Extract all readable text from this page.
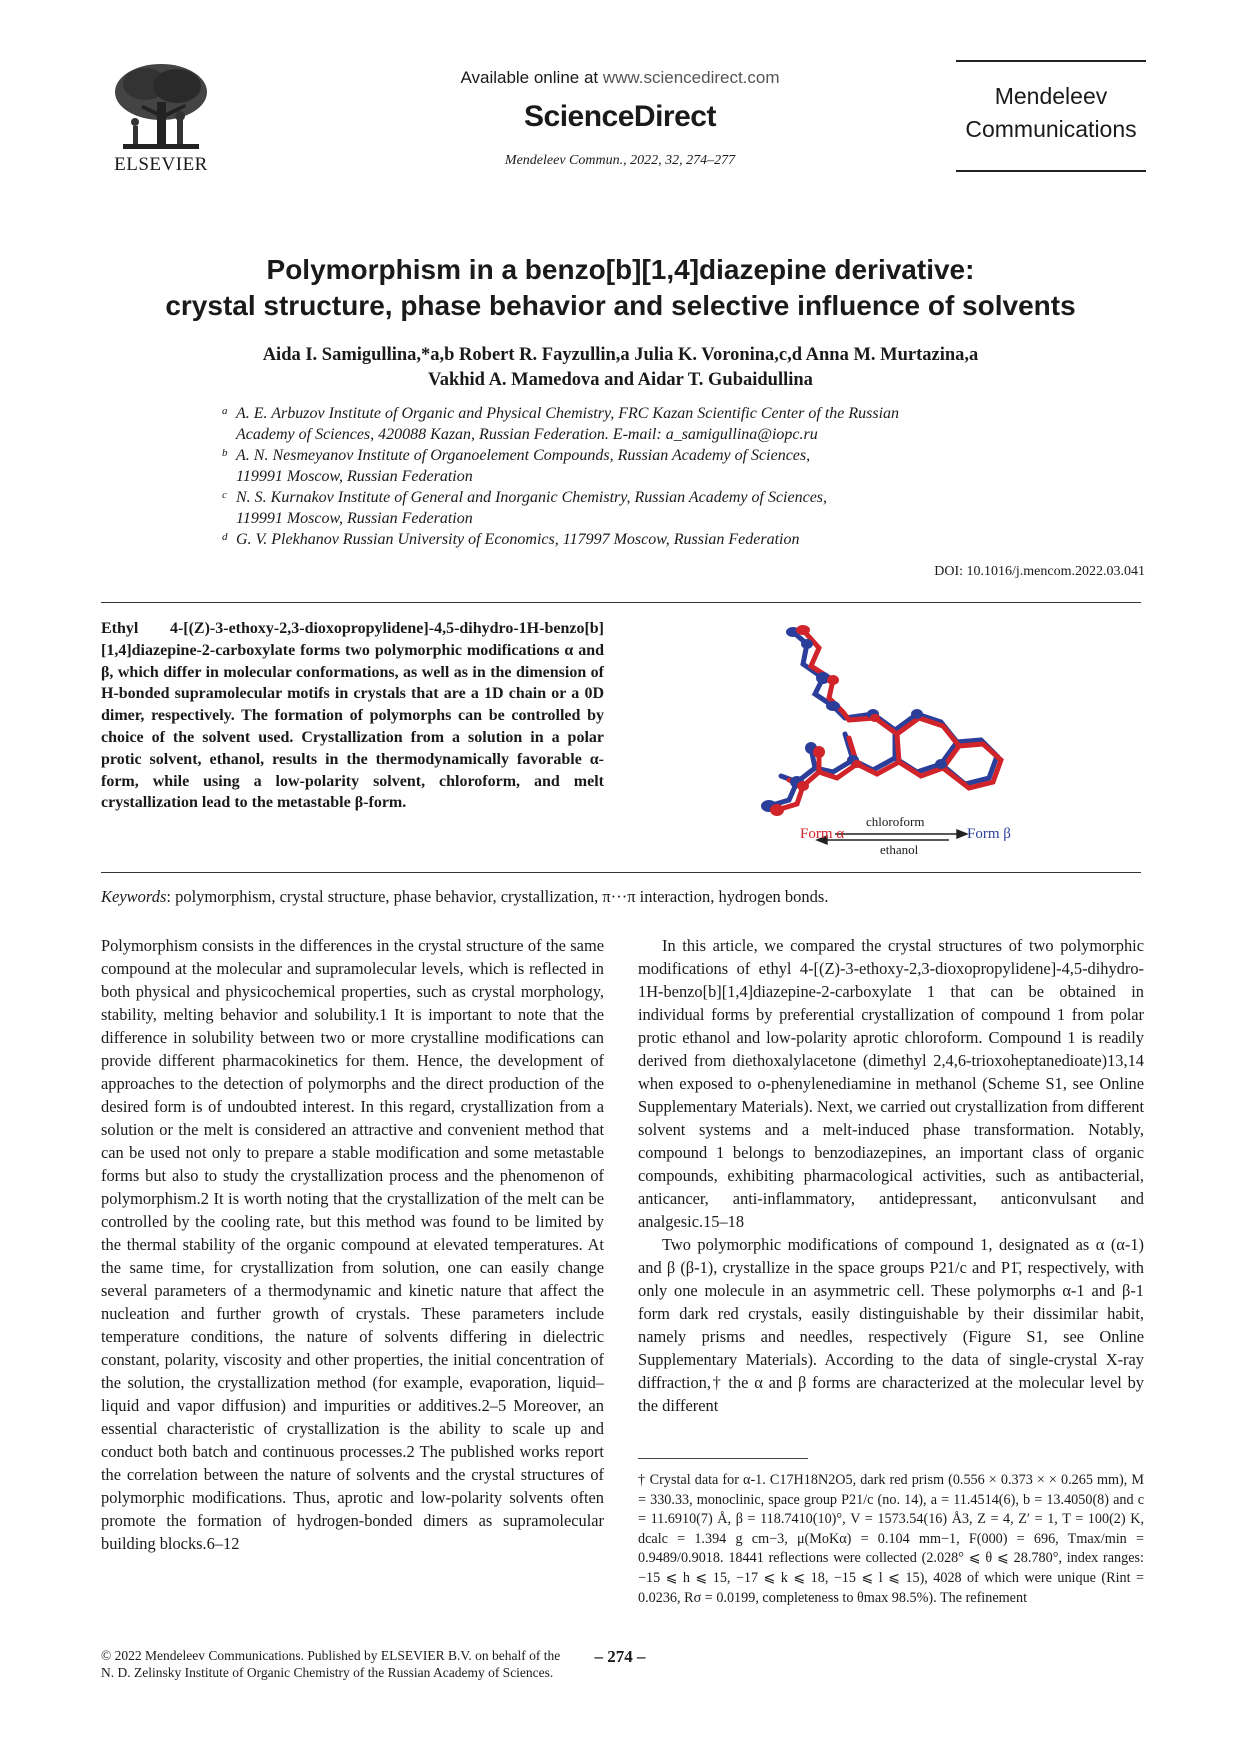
ELSEVIER
Available online at www.sciencedirect.com
ScienceDirect
Mendeleev Commun., 2022, 32, 274–277
Mendeleev
Communications
Polymorphism in a benzo[b][1,4]diazepine derivative:
crystal structure, phase behavior and selective influence of solvents
Aida I. Samigullina,*a,b Robert R. Fayzullin,a Julia K. Voronina,c,d Anna M. Murtazina,a
Vakhid A. Mamedova and Aidar T. Gubaidullina
a A. E. Arbuzov Institute of Organic and Physical Chemistry, FRC Kazan Scientific Center of the Russian
Academy of Sciences, 420088 Kazan, Russian Federation. E-mail: a_samigullina@iopc.ru
b A. N. Nesmeyanov Institute of Organoelement Compounds, Russian Academy of Sciences,
119991 Moscow, Russian Federation
c N. S. Kurnakov Institute of General and Inorganic Chemistry, Russian Academy of Sciences,
119991 Moscow, Russian Federation
d G. V. Plekhanov Russian University of Economics, 117997 Moscow, Russian Federation
DOI: 10.1016/j.mencom.2022.03.041
Ethyl 4-[(Z)-3-ethoxy-2,3-dioxopropylidene]-4,5-dihydro-1H-benzo[b][1,4]diazepine-2-carboxylate forms two polymorphic modifications α and β, which differ in molecular conformations, as well as in the dimension of H-bonded supramolecular motifs in crystals that are a 1D chain or a 0D dimer, respectively. The formation of polymorphs can be controlled by choice of the solvent used. Crystallization from a solution in a polar protic solvent, ethanol, results in the thermodynamically favorable α-form, while using a low-polarity solvent, chloroform, and melt crystallization lead to the metastable β-form.
chloroform
ethanol
Form α	Form β
Keywords: polymorphism, crystal structure, phase behavior, crystallization, π···π interaction, hydrogen bonds.

Polymorphism consists in the differences in the crystal structure of the same compound at the molecular and supramolecular levels, which is reflected in both physical and physicochemical properties, such as crystal morphology, stability, melting behavior and solubility.1 It is important to note that the difference in solubility between two or more crystalline modifications can provide different pharmacokinetics for them. Hence, the development of approaches to the detection of polymorphs and the direct production of the desired form is of undoubted interest. In this regard, crystallization from a solution or the melt is considered an attractive and convenient method that can be used not only to prepare a stable modification and some metastable forms but also to study the crystallization process and the phenomenon of polymorphism.2 It is worth noting that the crystallization of the melt can be controlled by the cooling rate, but this method was found to be limited by the thermal stability of the organic compound at elevated temperatures. At the same time, for crystallization from solution, one can easily change several parameters of a thermodynamic and kinetic nature that affect the nucleation and further growth of crystals. These parameters include temperature conditions, the nature of solvents differing in dielectric constant, polarity, viscosity and other properties, the initial concentration of the solution, the crystallization method (for example, evaporation, liquid–liquid and vapor diffusion) and impurities or additives.2–5 Moreover, an essential characteristic of crystallization is the ability to scale up and conduct both batch and continuous processes.2 The published works report the correlation between the nature of solvents and the crystal structures of polymorphic modifications. Thus, aprotic and low-polarity solvents often promote the formation of hydrogen-bonded dimers as supramolecular building blocks.6–12

In this article, we compared the crystal structures of two polymorphic modifications of ethyl 4-[(Z)-3-ethoxy-2,3-dioxopropylidene]-4,5-dihydro-1H-benzo[b][1,4]diazepine-2-carboxylate 1 that can be obtained in individual forms by preferential crystallization of compound 1 from polar protic ethanol and low-polarity aprotic chloroform. Compound 1 is readily derived from diethoxalylacetone (dimethyl 2,4,6-trioxoheptanedioate)13,14 when exposed to o-phenylenediamine in methanol (Scheme S1, see Online Supplementary Materials). Next, we carried out crystallization from different solvent systems and a melt-induced phase transformation. Notably, compound 1 belongs to benzodiazepines, an important class of organic compounds, exhibiting pharmacological activities, such as antibacterial, anticancer, anti-inflammatory, antidepressant, anticonvulsant and analgesic.15–18

Two polymorphic modifications of compound 1, designated as α (α-1) and β (β-1), crystallize in the space groups P21/c and P1̄, respectively, with only one molecule in an asymmetric cell. These polymorphs α-1 and β-1 form dark red crystals, easily distinguishable by their dissimilar habit, namely prisms and needles, respectively (Figure S1, see Online Supplementary Materials). According to the data of single-crystal X-ray diffraction,† the α and β forms are characterized at the molecular level by the different

† Crystal data for α-1. C17H18N2O5, dark red prism (0.556 × 0.373 × × 0.265 mm), M = 330.33, monoclinic, space group P21/c (no. 14), a = 11.4514(6), b = 13.4050(8) and c = 11.6910(7) Å, β = 118.7410(10)°, V = 1573.54(16) Å3, Z = 4, Z′ = 1, T = 100(2) K, dcalc = 1.394 g cm−3, μ(MoKα) = 0.104 mm−1, F(000) = 696, Tmax/min = 0.9489/0.9018. 18441 reflections were collected (2.028° ⩽ θ ⩽ 28.780°, index ranges: −15 ⩽ h ⩽ 15, −17 ⩽ k ⩽ 18, −15 ⩽ l ⩽ 15), 4028 of which were unique (Rint = 0.0236, Rσ = 0.0199, completeness to θmax 98.5%). The refinement
© 2022 Mendeleev Communications. Published by ELSEVIER B.V. on behalf of the N. D. Zelinsky Institute of Organic Chemistry of the Russian Academy of Sciences.
– 274 –
